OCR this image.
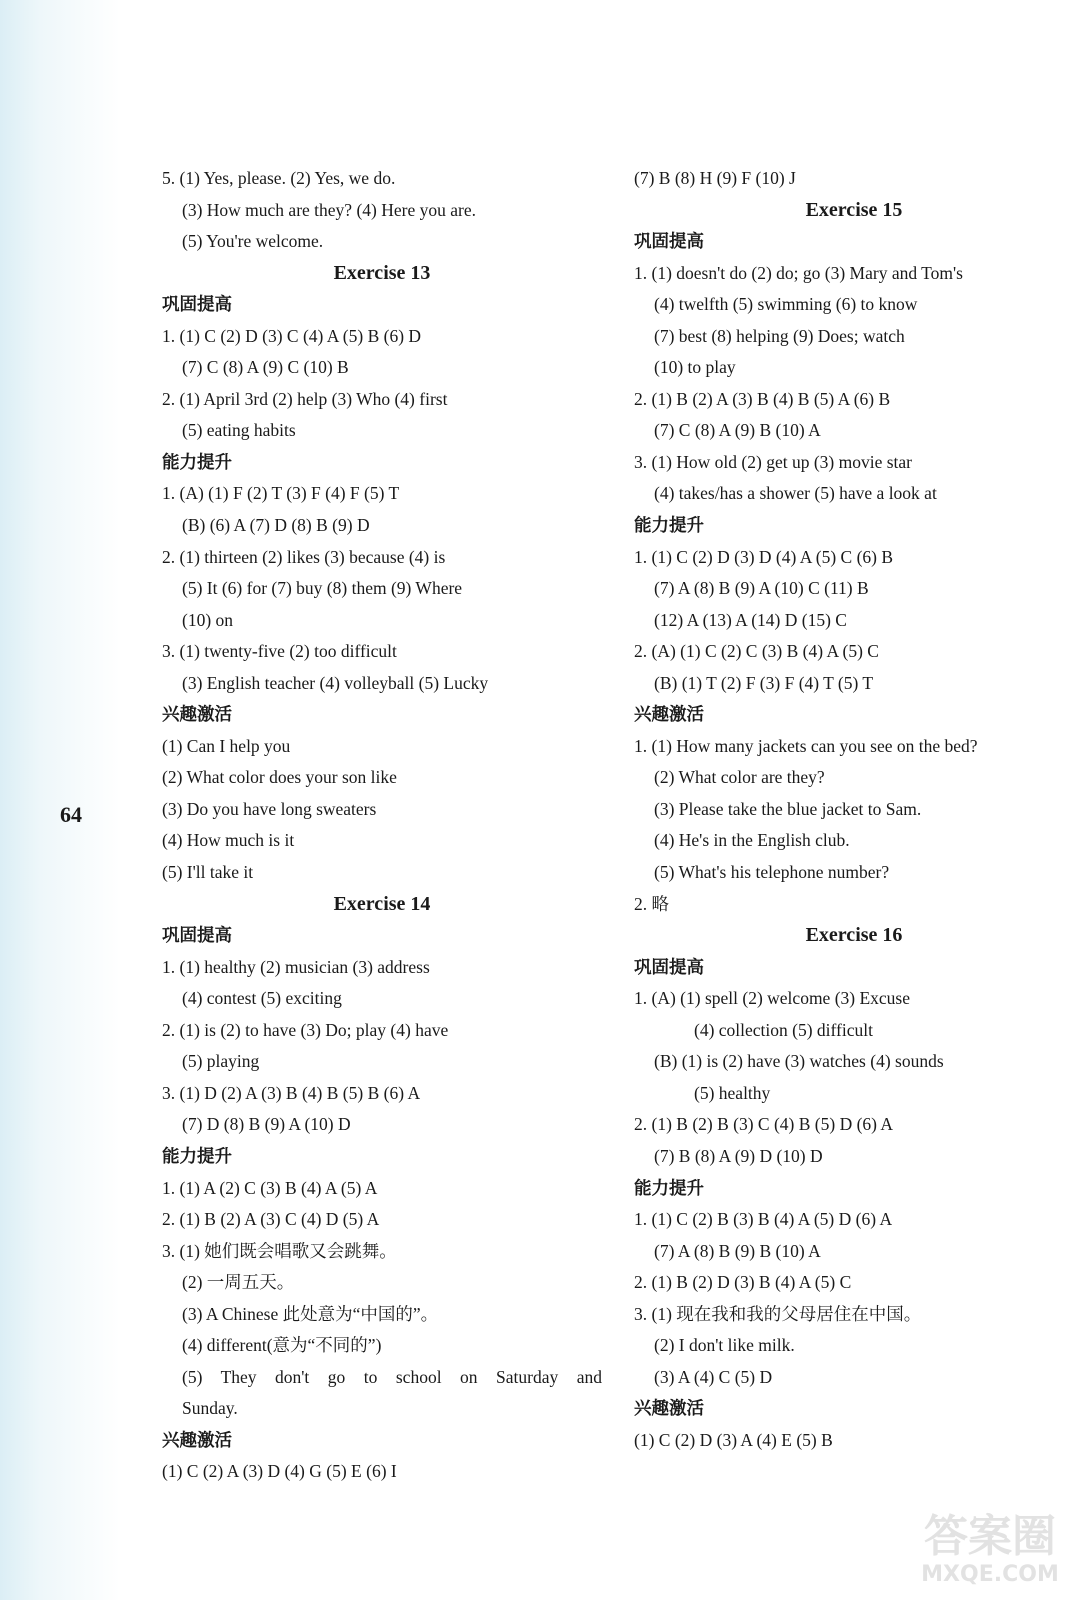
64
5. (1) Yes, please. (2) Yes, we do.
(3) How much are they? (4) Here you are.
(5) You're welcome.
Exercise 13
巩固提高
1. (1) C (2) D (3) C (4) A (5) B (6) D
(7) C (8) A (9) C (10) B
2. (1) April 3rd (2) help (3) Who (4) first
(5) eating habits
能力提升
1. (A) (1) F (2) T (3) F (4) F (5) T
(B) (6) A (7) D (8) B (9) D
2. (1) thirteen (2) likes (3) because (4) is
(5) It (6) for (7) buy (8) them (9) Where
(10) on
3. (1) twenty-five (2) too difficult
(3) English teacher (4) volleyball (5) Lucky
兴趣激活
(1) Can I help you
(2) What color does your son like
(3) Do you have long sweaters
(4) How much is it
(5) I'll take it
Exercise 14
巩固提高
1. (1) healthy (2) musician (3) address
(4) contest (5) exciting
2. (1) is (2) to have (3) Do; play (4) have
(5) playing
3. (1) D (2) A (3) B (4) B (5) B (6) A
(7) D (8) B (9) A (10) D
能力提升
1. (1) A (2) C (3) B (4) A (5) A
2. (1) B (2) A (3) C (4) D (5) A
3. (1) 她们既会唱歌又会跳舞。
(2) 一周五天。
(3) A Chinese 此处意为“中国的”。
(4) different(意为“不同的”)
(5) They don't go to school on Saturday and
Sunday.
兴趣激活
(1) C (2) A (3) D (4) G (5) E (6) I
(7) B (8) H (9) F (10) J
Exercise 15
巩固提高
1. (1) doesn't do (2) do; go (3) Mary and Tom's
(4) twelfth (5) swimming (6) to know
(7) best (8) helping (9) Does; watch
(10) to play
2. (1) B (2) A (3) B (4) B (5) A (6) B
(7) C (8) A (9) B (10) A
3. (1) How old (2) get up (3) movie star
(4) takes/has a shower (5) have a look at
能力提升
1. (1) C (2) D (3) D (4) A (5) C (6) B
(7) A (8) B (9) A (10) C (11) B
(12) A (13) A (14) D (15) C
2. (A) (1) C (2) C (3) B (4) A (5) C
(B) (1) T (2) F (3) F (4) T (5) T
兴趣激活
1. (1) How many jackets can you see on the bed?
(2) What color are they?
(3) Please take the blue jacket to Sam.
(4) He's in the English club.
(5) What's his telephone number?
2. 略
Exercise 16
巩固提高
1. (A) (1) spell (2) welcome (3) Excuse
(4) collection (5) difficult
(B) (1) is (2) have (3) watches (4) sounds
(5) healthy
2. (1) B (2) B (3) C (4) B (5) D (6) A
(7) B (8) A (9) D (10) D
能力提升
1. (1) C (2) B (3) B (4) A (5) D (6) A
(7) A (8) B (9) B (10) A
2. (1) B (2) D (3) B (4) A (5) C
3. (1) 现在我和我的父母居住在中国。
(2) I don't like milk.
(3) A (4) C (5) D
兴趣激活
(1) C (2) D (3) A (4) E (5) B
答案圈
MXQE.COM
